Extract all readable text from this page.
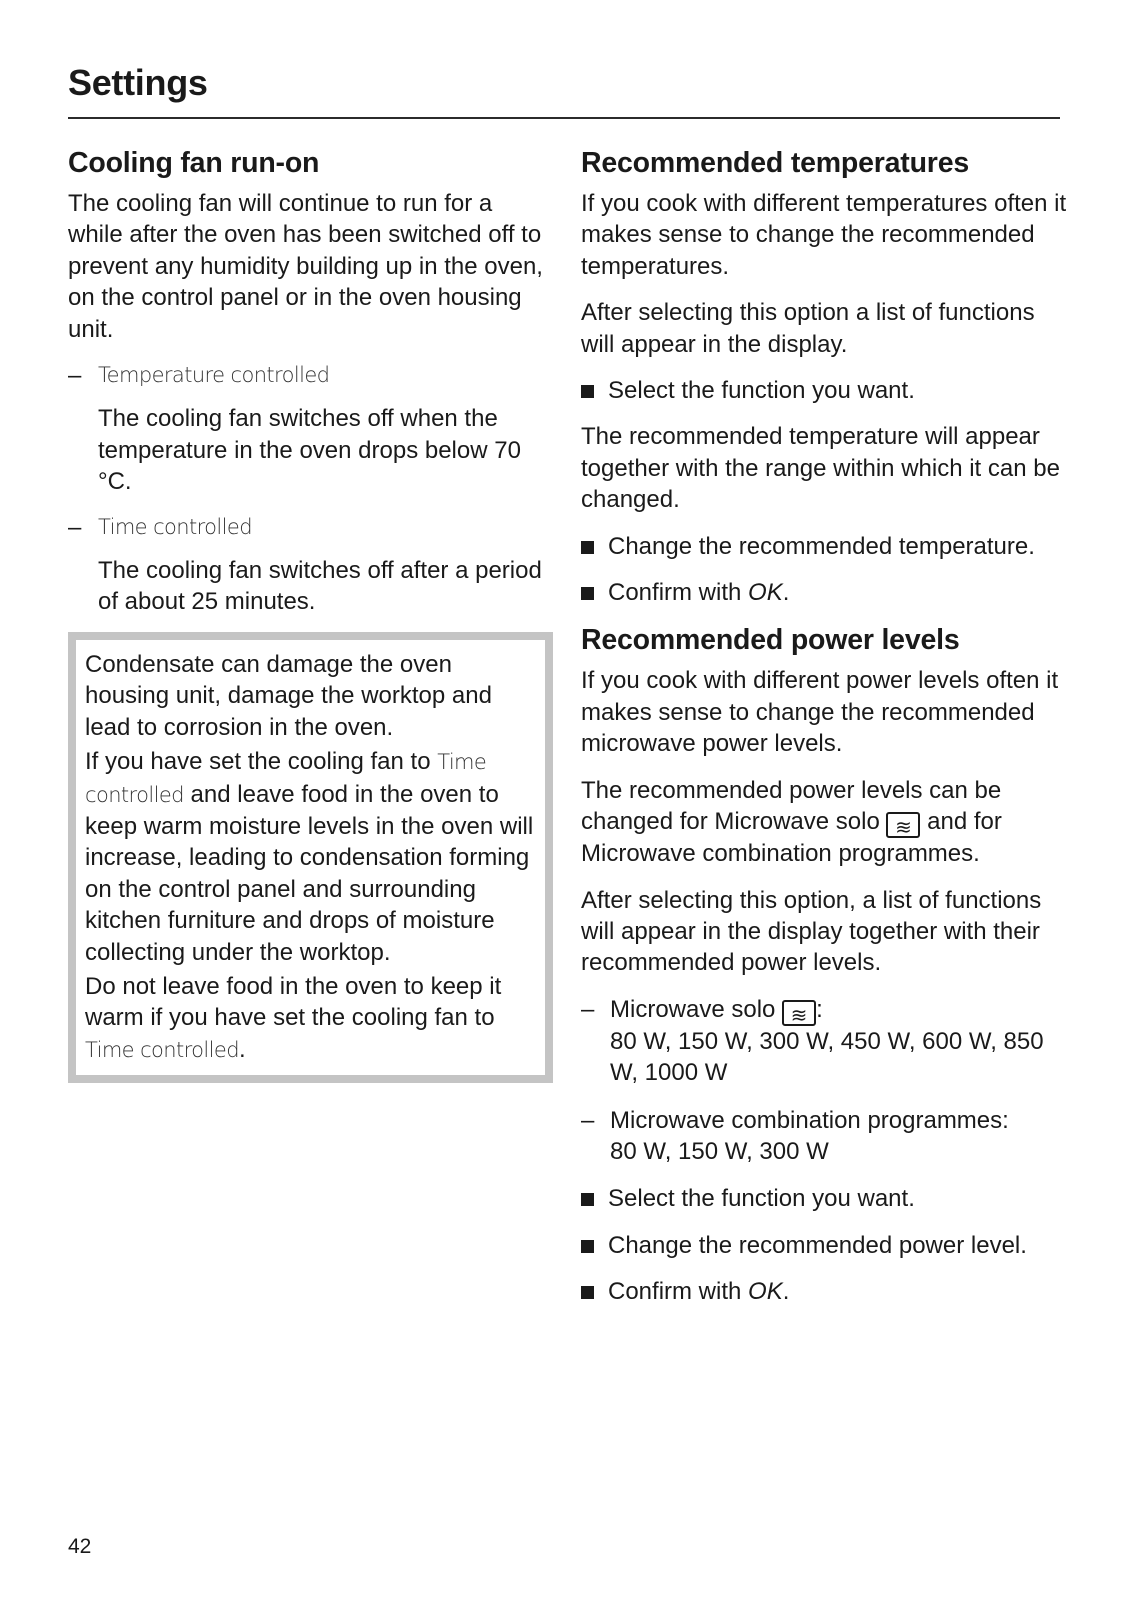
Settings
Cooling fan run-on

The cooling fan will continue to run for a while after the oven has been switched off to prevent any humidity building up in the oven, on the control panel or in the oven housing unit.

– Temperature controlled

The cooling fan switches off when the temperature in the oven drops below 70 °C.

– Time controlled

The cooling fan switches off after a period of about 25 minutes.

Condensate can damage the oven housing unit, damage the worktop and lead to corrosion in the oven.

If you have set the cooling fan to Time controlled and leave food in the oven to keep warm moisture levels in the oven will increase, leading to condensation forming on the control panel and surrounding kitchen furniture and drops of moisture collecting under the worktop.

Do not leave food in the oven to keep it warm if you have set the cooling fan to Time controlled.

Recommended temperatures

If you cook with different temperatures often it makes sense to change the recommended temperatures.

After selecting this option a list of functions will appear in the display.

Select the function you want.

The recommended temperature will appear together with the range within which it can be changed.

Change the recommended temperature.
Confirm with OK.
Recommended power levels

If you cook with different power levels often it makes sense to change the recommended microwave power levels.

The recommended power levels can be changed for Microwave solo ≋ and for Microwave combination programmes.

After selecting this option, a list of functions will appear in the display together with their recommended power levels.

– Microwave solo ≋ :
80 W, 150 W, 300 W, 450 W, 600 W, 850 W, 1000 W
– Microwave combination programmes:
80 W, 150 W, 300 W
Select the function you want.
Change the recommended power level.
Confirm with OK.
42
